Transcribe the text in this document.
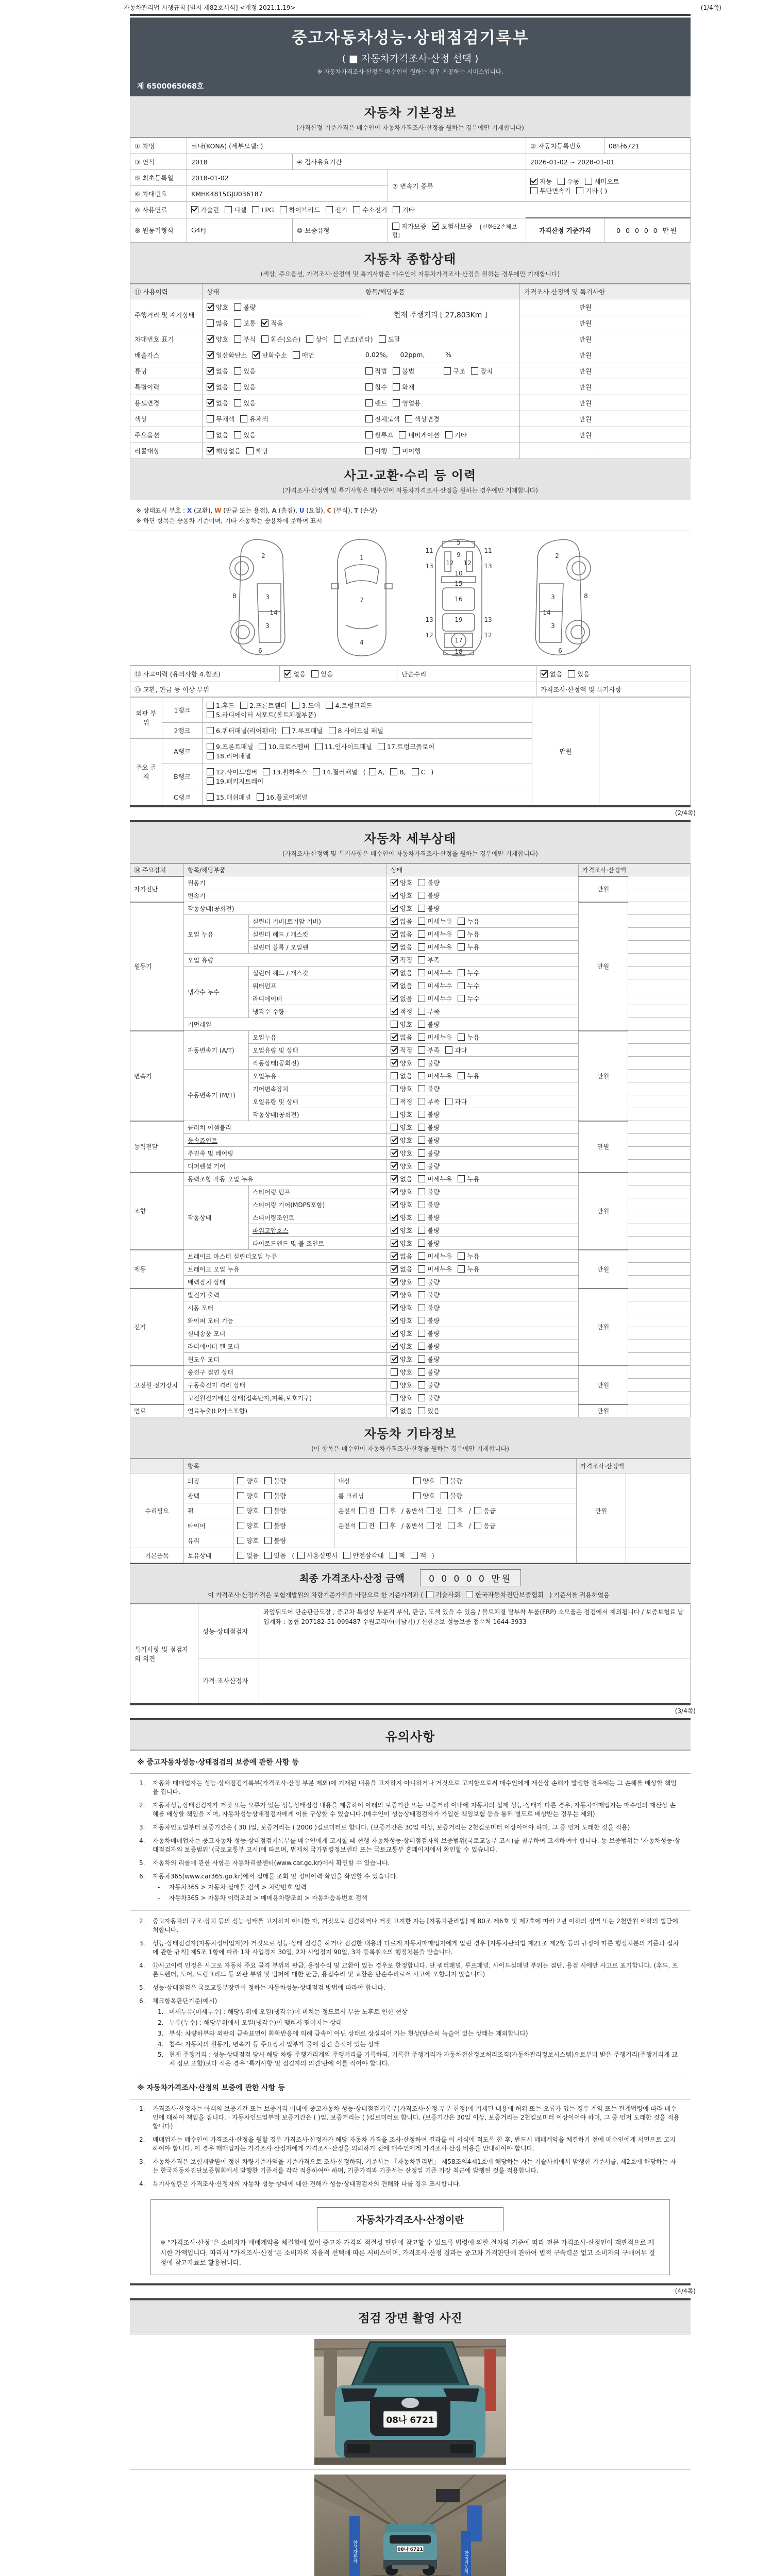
자동차관리법 시행규칙 [별지 제82호서식] <개정 2021.1.19>	(1/4쪽)
중고자동차성능·상태점검기록부
( ■ 자동차가격조사·산정 선택 )
※ 자동차가격조사·산정은 매수인이 원하는 경우 제공하는 서비스입니다.
제 6500065068호
자동차 기본정보
(가격산정 기준가격은 매수인이 자동차가격조사·산정을 원하는 경우에만 기재합니다)
① 차명	코나(KONA) (세부모델: )			② 자동차등록번호	08나6721
③ 연식	2018	④ 검사유효기간		2026-01-02 ~ 2028-01-01	
⑤ 최초등록일	2018-01-02		⑦ 변속기 종류	자동 수동 세미오토
무단변속기 기타 ( )	
⑥ 차대번호	KMHK4815GJU036187				
⑧ 사용연료	가솔린 디젤 LPG 하이브리드 전기 수소전기 기타				
⑨ 원동기형식	G4FJ	⑩ 보증유형	자가보증 보험사보증 [신한EZ손해보험]	가격산정 기준가격	0 0 0 0 0 만원
자동차 종합상태
(색상, 주요옵션, 가격조사·산정액 및 특기사항은 매수인이 자동차가격조사·산정을 원하는 경우에만 기재합니다)
⑪ 사용이력	상태	항목/해당부품	가격조사·산정액 및 특기사항	
주행거리 및 계기상태	양호 불량	현재 주행거리 [ 27,803Km ]	만원	
	많음 보통 적음		만원	
차대번호 표기	양호 부식 훼손(오손) 상이 변조(변타) 도말		만원	
배출가스	일산화탄소 탄화수소 매연	0.02%,      02ppm,          %	만원	
튜닝	없음 있음	적법 불법 구조 장치	만원	
특별이력	없음 있음	침수 화재	만원	
용도변경	없음 있음	렌트 영업용	만원	
색상	무채색 유채색	전체도색 색상변경	만원	
주요옵션	없음 있음	썬루프 네비게이션 기타	만원	
리콜대상	해당없음 해당	이행 미이행		
사고·교환·수리 등 이력
(가격조사·산정액 및 특기사항은 매수인이 자동차가격조사·산정을 원하는 경우에만 기재합니다)
※ 상태표시 부호 : X (교환), W (판금 또는 용접), A (흠집), U (요철), C (부식), T (손상)
※ 하단 항목은 승용차 기준이며, 기타 자동차는 승용차에 준하여 표시
2
8	3
14
3
6
1
7
4
5
9
11	11
13	13
12 12
10
15
16
13	13
19
12	12
17
18
2
3
14
3
8
6
⑫ 사고이력 (유의사항 4.참조)	없음 있음	단순수리	없음 있음
⑬ 교환, 판금 등 이상 부위			가격조사·산정액 및 특기사항
외판 부위	1랭크	1.후드 2.프론트휀더 3.도어 4.트렁크리드
5.라디에이터 서포트(볼트체결부품)	만원	
	2랭크	6.쿼터패널(리어휀더) 7.루프패널 8.사이드실 패널		
주요 골격	A랭크	9.프론트패널 10.크로스멤버 11.인사이드패널 17.트렁크플로어
18.리어패널		
	B랭크	12.사이드멤버 13.휠하우스 14.필러패널 ( A, B, C )
19.패키지트레이		
	C랭크	15.대쉬패널 16.플로어패널		
(2/4쪽)
자동차 세부상태
(가격조사·산정액 및 특기사항은 매수인이 자동차가격조사·산정을 원하는 경우에만 기재합니다)
⑭ 주요장치	항목/해당부품		상태	가격조사·산정액	
자기진단	원동기		양호 불량	만원	
	변속기		양호 불량		
원동기	작동상태(공회전)		양호 불량	만원	
	오일 누유	실린더 커버(로커암 커버)	없음 미세누유 누유		
		실린더 헤드 / 개스킷	없음 미세누유 누유		
		실린더 블록 / 오일팬	없음 미세누유 누유		
	오일 유량		적정 부족		
	냉각수 누수	실린더 헤드 / 개스킷	없음 미세누수 누수		
		워터펌프	없음 미세누수 누수		
		라디에이터	없음 미세누수 누수		
		냉각수 수량	적정 부족		
	커먼레일		양호 불량		
변속기	자동변속기 (A/T)	오일누유	없음 미세누유 누유	만원	
		오일유량 및 상태	적정 부족 과다		
		작동상태(공회전)	양호 불량		
	수동변속기 (M/T)	오일누유	없음 미세누유 누유		
		기어변속장치	양호 불량		
		오일유량 및 상태	적정 부족 과다		
		작동상태(공회전)	양호 불량		
동력전달	클러치 어셈블리		양호 불량	만원	
	등속죠인트		양호 불량		
	추진축 및 베어링		양호 불량		
	디퍼렌셜 기어		양호 불량		
조향	동력조향 작동 오일 누유		없음 미세누유 누유	만원	
	작동상태	스티어링 펌프	양호 불량		
		스티어링 기어(MDPS포함)	양호 불량		
		스티어링조인트	양호 불량		
		파워고압호스	양호 불량		
		타이로드엔드 및 볼 조인트	양호 불량		
제동	브레이크 마스터 실린더오일 누유		없음 미세누유 누유	만원	
	브레이크 오일 누유		없음 미세누유 누유		
	배력장치 상태		양호 불량		
전기	발전기 출력		양호 불량	만원	
	시동 모터		양호 불량		
	와이퍼 모터 기능		양호 불량		
	실내송풍 모터		양호 불량		
	라디에이터 팬 모터		양호 불량		
	윈도우 모터		양호 불량		
고전원 전기장치	충전구 절연 상태		양호 불량	만원	
	구동축전지 격리 상태		양호 불량		
	고전원전기배선 상태(접속단자,피복,보호기구)		양호 불량		
연료	연료누출(LP가스포함)		없음 있음	만원	
자동차 기타정보
(이 항목은 매수인이 자동차가격조사·산정을 원하는 경우에만 기재합니다)
	항목			가격조사·산정액	
수리필요	외장	양호 불량	내장 양호 불량	만원	
	광택	양호 불량	룸 크리닝 양호 불량		
	휠	양호 불량	운전석 전 후 / 동반석 전 후 / 응급		
	타이어	양호 불량	운전석 전 후 / 동반석 전 후 / 응급		
	유리	양호 불량			
기본품목	보유상태	없음 있음 ( 사용설명서 안전삼각대 잭 잭 )			
최종 가격조사·산정 금액	0 0 0 0 0 만원
이 가격조사·산정가격은 보험개발원의 차량기준가액을 바탕으로 한 기준가격과 ( 기술사회 한국자동차진단보증협회 ) 기준서를 적용하였음
특기사항 및 점검자의 의견	성능·상태점검자	좌앞뒤도어 단순판금도장 , 중고차 특성상 부분적 부식, 판금, 도색 있을 수 있음 / 볼트체결 탈부착 부품(FRP) 소모품은 점검에서 제외됩니다 / 보증보험료 납입계좌 : 농협 207182-51-099487 수원코리아(이남기) / 신한손보 성능보증 접수처 1644-3933
	가격·조사산정자	
(3/4쪽)
유의사항
※ 중고자동차성능·상태점검의 보증에 관한 사항 등
1.	자동차 매매업자는 성능·상태점검기록부(가격조사·산정 부분 제외)에 기재된 내용을 고지하지 아니하거나 거짓으로 고지함으로써 매수인에게 재산상 손해가 발생한 경우에는 그 손해를 배상할 책임을 집니다.
2.	자동차성능상태점검자가 거짓 또는 오류가 있는 성능상태점검 내용을 제공하여 아래의 보증기간 또는 보증거리 이내에 자동차의 실제 성능·상태가 다른 경우, 자동차매매업자는 매수인의 재산상 손해를 배상할 책임을 지며, 자동차성능상태점검자에게 이를 구상할 수 있습니다.(매수인이 성능상태점검자가 가입한 책임보험 등을 통해 별도로 배상받는 경우는 제외)
3.	자동차인도일부터 보증기간은 ( 30 )일, 보증거리는 ( 2000 )킬로미터로 합니다. (보증기간은 30일 이상, 보증거리는 2천킬로미터 이상이어야 하며, 그 중 먼저 도래한 것을 적용)
4.	자동차매매업자는 중고자동차 성능·상태점검기록부를 매수인에게 고지할 때 현행 자동차성능·상태점검자의 보증범위(국토교통부 고시)를 첨부하여 고지하여야 합니다. 동 보증범위는 '자동차성능·상태점검자의 보증범위' (국토교통부 고시)에 따르며, 법제처 국가법령정보센터 또는 국토교통부 홈페이지에서 확인할 수 있습니다.
5.	자동차의 리콜에 관한 사항은 자동차리콜센터(www.car.go.kr)에서 확인할 수 있습니다.
6.	자동차365(www.car365.go.kr)에서 실매물 조회 및 정비이력 확인을 확인할 수 있습니다.
-	자동차365 > 자동차 실매물 검색 > 차량번호 입력
-	자동차365 > 자동차 이력조회 > 매매용차량조회 > 자동차등록번호 검색
2.	중고자동차의 구조·장치 등의 성능·상태를 고지하지 아니한 자, 거짓으로 점검하거나 거짓 고지한 자는 [자동차관리법] 제 80조 제6호 및 제7호에 따라 2년 이하의 징역 또는 2천만원 이하의 벌금에 처합니다.
3.	성능·상태점검자(자동차정비업자)가 거짓으로 성능·상태 점검을 하거나 점검한 내용과 다르게 자동차매매업자에게 알린 경우 [자동차관리법 제21조 제2항 등의 규정에 따른 행정처분의 기준과 절차에 관한 규칙] 제5조 1항에 따라 1차 사업정지 30일, 2차 사업정지 90일, 3차 등록취소의 행정처분을 받습니다.
4.	⑫사고이력 인정은 사고로 자동차 주요 골격 부위의 판금, 용접수리 및 교환이 있는 경우로 한정합니다. 단 쿼터패널, 루프패널, 사이드실패널 부위는 절단, 용접 시에만 사고로 표기합니다. (후드, 프론트펜더, 도어, 트렁크리드 등 외판 부위 및 범퍼에 대한 판금, 용접수리 및 교환은 단순수리로서 사고에 포함되지 않습니다)
5.	성능·상태점검은 국토교통부장관이 정하는 자동차성능·상태점검 방법에 따라야 합니다.
6.	체크항목판단기준(예시)
1. 미세누유(미세누수) : 해당부위에 오일(냉각수)이 비치는 정도로서 부품 노후로 인한 현상
2. 누유(누수) : 해당부위에서 오일(냉각수)이 맺혀서 떨어지는 상태
3. 부식: 차량하부와 외판의 금속표면이 화학반응에 의해 금속이 아닌 상태로 상실되어 가는 현상(단순히 녹슬어 있는 상태는 제외합니다)
4. 침수: 자동차의 원동기, 변속기 등 주요장치 일부가 물에 잠긴 흔적이 있는 상태
5. 현재 주행거리 : 성능·상태점검 당시 해당 차량 주행거리계의 주행거리를 기록하되, 기록한 주행거리가 자동차전산정보처리조직(자동차관리정보시스템)으로부터 받은 주행거리(주행거리계 교체 정보 포함)보다 적은 경우 '특기사항 및 점검자의 의견'란에 이를 적어야 합니다.
※ 자동차가격조사·산정의 보증에 관한 사항 등
1.	가격조사·산정자는 아래의 보증기간 또는 보증거리 이내에 중고자동차 성능·상태점검기록부(가격조사·산정 부분 한정)에 기재된 내용에 허위 또는 오류가 있는 경우 계약 또는 관계법령에 따라 매수인에 대하여 책임을 집니다. · 자동차인도일부터 보증기간은 ( )일, 보증거리는 ( )킬로미터로 합니다. (보증기간은 30일 이상, 보증거리는 2천킬로미터 이상이어야 하며, 그 중 먼저 도래한 것을 적용합니다)
2.	매매업자는 매수인이 가격조사·산정을 원할 경우 가격조사·산정자가 해당 자동차 가격을 조사·산정하여 결과를 이 서식에 적도록 한 후, 반드시 매매계약을 체결하기 전에 매수인에게 서면으로 고지하여야 합니다. 이 경우 매매업자는 가격조사·산정자에게 가격조사·산정을 의뢰하기 전에 매수인에게 가격조사·산정 비용을 안내하여야 합니다.
3.	자동차가격은 보험개발원이 정한 차량기준가액을 기준가격으로 조사·산정하되, 기준서는 「자동차관리법」 제58조의4제1호에 해당하는 자는 기술사회에서 발행한 기준서를, 제2호에 해당하는 자는 한국자동차진단보증협회에서 발행한 기준서를 각각 적용하여야 하며, 기준가격과 기준서는 산정일 기준 가장 최근에 발행된 것을 적용합니다.
4.	특기사항란은 가격조사·산정자의 자동차 성능·상태에 대한 견해가 성능·상태점검자의 견해와 다를 경우 표시합니다.
자동차가격조사·산정이란
※ "가격조사·산정"은 소비자가 매매계약을 체결함에 있어 중고차 가격의 적절성 판단에 참고할 수 있도록 법령에 의한 절차와 기준에 따라 전문 가격조사·산정인이 객관적으로 제시한 가액입니다. 따라서 "가격조사·산정"은 소비자의 자율적 선택에 따른 서비스이며, 가격조사·산정 결과는 중고차 가격판단에 관하여 법적 구속력은 없고 소비자의 구매여부 결정에 참고자료로 활용됩니다.
(4/4쪽)
점검 장면 촬영 사진
08나 6721
한국자동차	한국자동차
08나 6721
